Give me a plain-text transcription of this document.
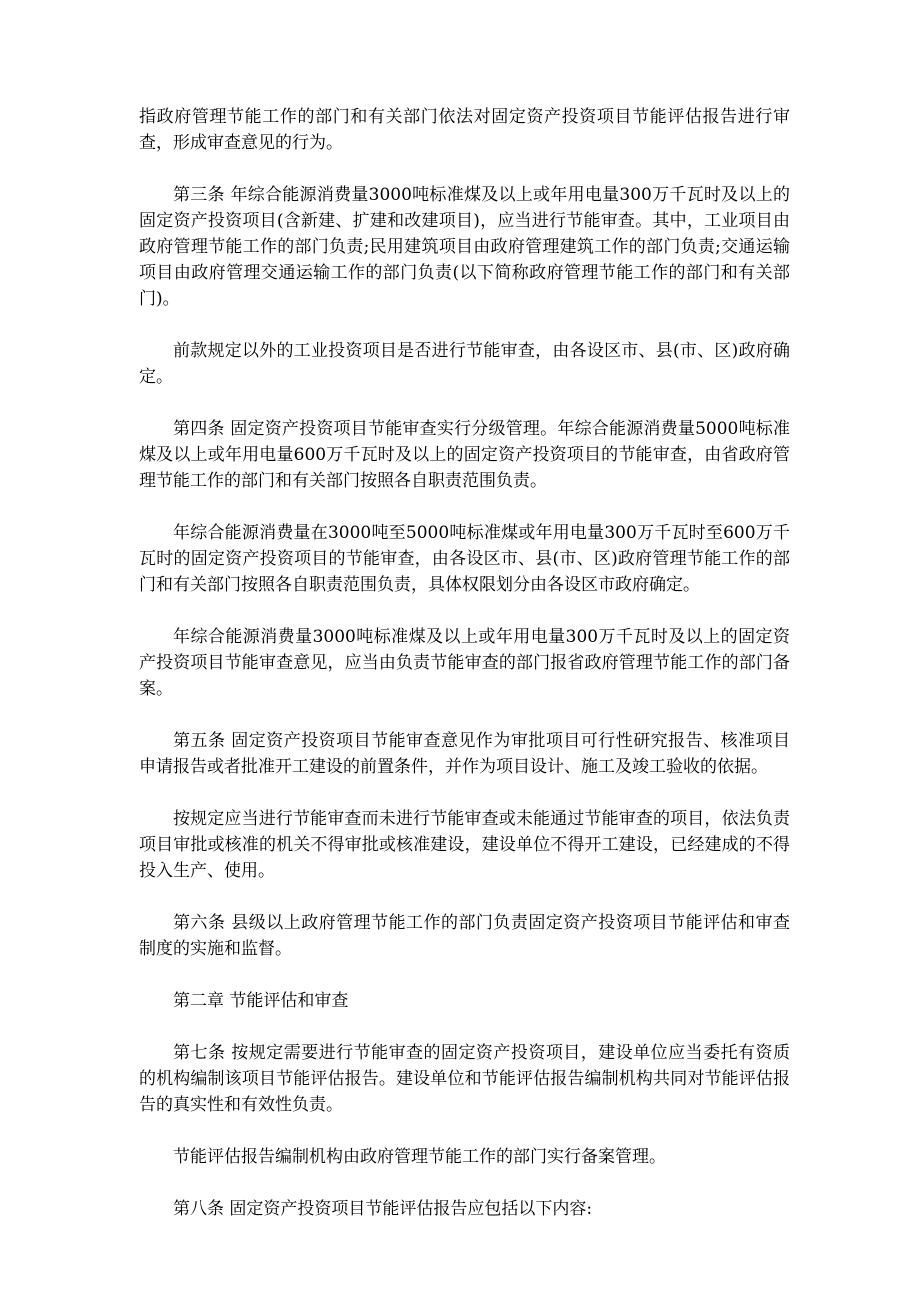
指政府管理节能工作的部门和有关部门依法对固定资产投资项目节能评估报告进行审查，形成审查意见的行为。

第三条 年综合能源消费量3000吨标准煤及以上或年用电量300万千瓦时及以上的固定资产投资项目(含新建、扩建和改建项目)，应当进行节能审查。其中，工业项目由政府管理节能工作的部门负责;民用建筑项目由政府管理建筑工作的部门负责;交通运输项目由政府管理交通运输工作的部门负责(以下简称政府管理节能工作的部门和有关部门)。

前款规定以外的工业投资项目是否进行节能审查，由各设区市、县(市、区)政府确定。

第四条 固定资产投资项目节能审查实行分级管理。年综合能源消费量5000吨标准煤及以上或年用电量600万千瓦时及以上的固定资产投资项目的节能审查，由省政府管理节能工作的部门和有关部门按照各自职责范围负责。

年综合能源消费量在3000吨至5000吨标准煤或年用电量300万千瓦时至600万千瓦时的固定资产投资项目的节能审查，由各设区市、县(市、区)政府管理节能工作的部门和有关部门按照各自职责范围负责，具体权限划分由各设区市政府确定。

年综合能源消费量3000吨标准煤及以上或年用电量300万千瓦时及以上的固定资产投资项目节能审查意见，应当由负责节能审查的部门报省政府管理节能工作的部门备案。

第五条 固定资产投资项目节能审查意见作为审批项目可行性研究报告、核准项目申请报告或者批准开工建设的前置条件，并作为项目设计、施工及竣工验收的依据。

按规定应当进行节能审查而未进行节能审查或未能通过节能审查的项目，依法负责项目审批或核准的机关不得审批或核准建设，建设单位不得开工建设，已经建成的不得投入生产、使用。

第六条 县级以上政府管理节能工作的部门负责固定资产投资项目节能评估和审查制度的实施和监督。

第二章 节能评估和审查

第七条 按规定需要进行节能审查的固定资产投资项目，建设单位应当委托有资质的机构编制该项目节能评估报告。建设单位和节能评估报告编制机构共同对节能评估报告的真实性和有效性负责。

节能评估报告编制机构由政府管理节能工作的部门实行备案管理。

第八条 固定资产投资项目节能评估报告应包括以下内容:
